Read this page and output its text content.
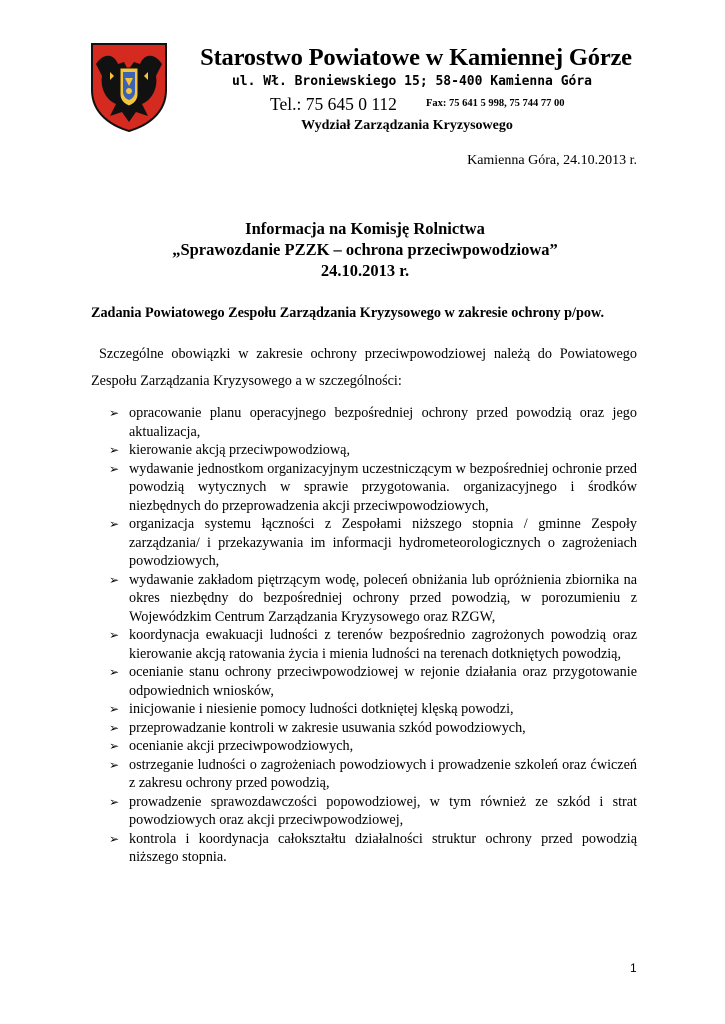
Starostwo Powiatowe w Kamiennej Górze
ul. Wł. Broniewskiego 15; 58-400 Kamienna Góra
Tel.: 75 645 0 112	Fax: 75 641 5 998, 75 744 77 00
Wydział Zarządzania Kryzysowego
Kamienna Góra, 24.10.2013 r.
Informacja na Komisję Rolnictwa
„Sprawozdanie PZZK – ochrona przeciwpowodziowa”
24.10.2013 r.
Zadania Powiatowego Zespołu Zarządzania Kryzysowego w zakresie ochrony p/pow.
Szczególne obowiązki w zakresie ochrony przeciwpowodziowej należą do Powiatowego Zespołu Zarządzania Kryzysowego a w szczególności:
➢ opracowanie planu operacyjnego bezpośredniej ochrony przed powodzią oraz jego aktualizacja,
➢ kierowanie akcją przeciwpowodziową,
➢ wydawanie jednostkom organizacyjnym uczestniczącym w bezpośredniej ochronie przed powodzią wytycznych w sprawie przygotowania. organizacyjnego i środków niezbędnych do przeprowadzenia akcji przeciwpowodziowych,
➢ organizacja systemu łączności z Zespołami niższego stopnia / gminne Zespoły zarządzania/ i przekazywania im informacji hydrometeorologicznych o zagrożeniach powodziowych,
➢ wydawanie zakładom piętrzącym wodę, poleceń obniżania lub opróżnienia zbiornika na okres niezbędny do bezpośredniej ochrony przed powodzią, w porozumieniu z Wojewódzkim Centrum Zarządzania Kryzysowego oraz RZGW,
➢ koordynacja ewakuacji ludności z terenów bezpośrednio zagrożonych powodzią oraz kierowanie akcją ratowania życia i mienia ludności na terenach dotkniętych powodzią,
➢ ocenianie stanu ochrony przeciwpowodziowej w rejonie działania oraz przygotowanie odpowiednich wniosków,
➢ inicjowanie i niesienie pomocy ludności dotkniętej klęską powodzi,
➢ przeprowadzanie kontroli w zakresie usuwania szkód powodziowych,
➢ ocenianie akcji przeciwpowodziowych,
➢ ostrzeganie ludności o zagrożeniach powodziowych i prowadzenie szkoleń oraz ćwiczeń z zakresu ochrony przed powodzią,
➢ prowadzenie sprawozdawczości popowodziowej, w tym również ze szkód i strat powodziowych oraz akcji przeciwpowodziowej,
➢ kontrola i koordynacja całokształtu działalności struktur ochrony przed powodzią niższego stopnia.
1
